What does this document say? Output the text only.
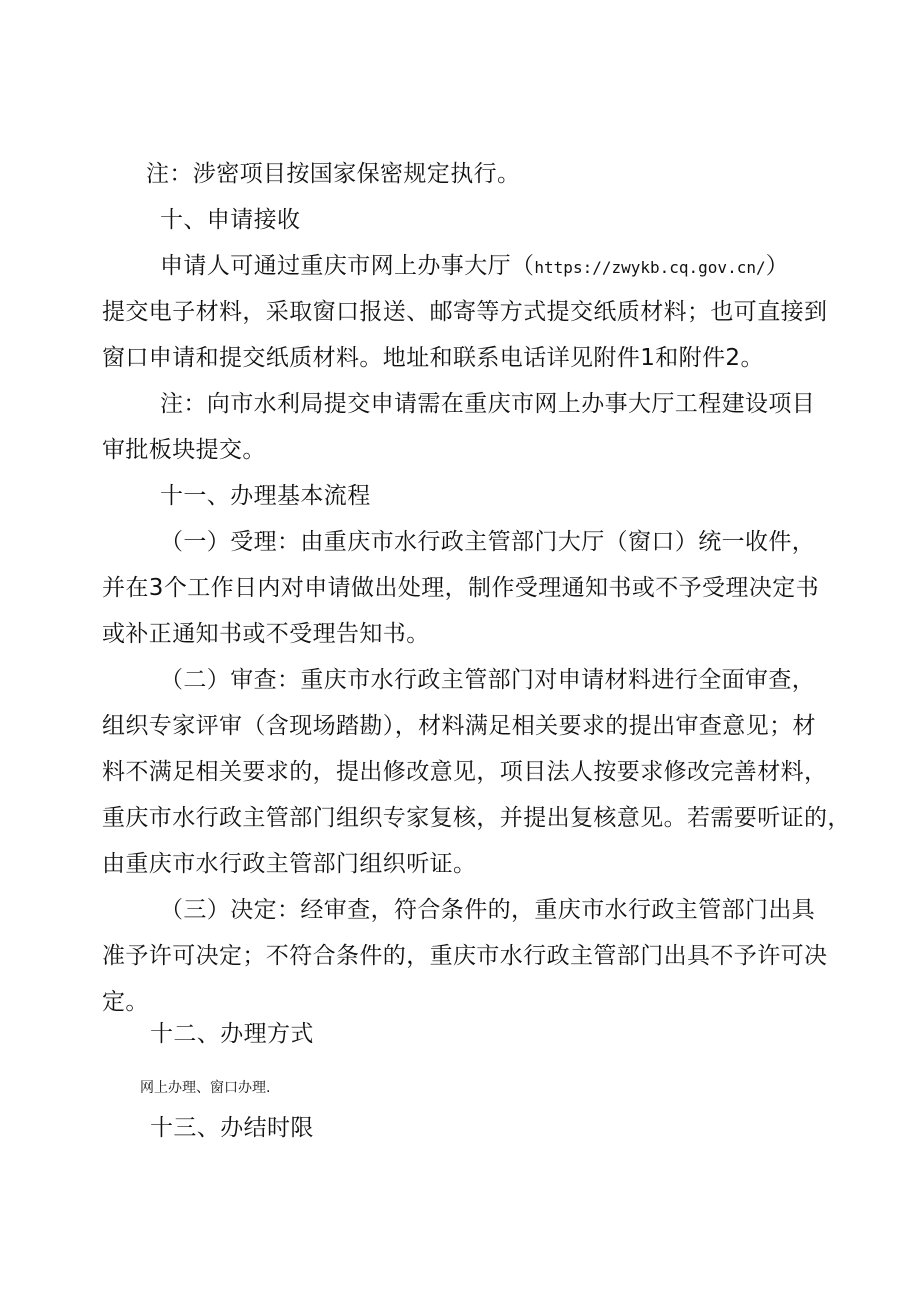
注：涉密项目按国家保密规定执行。

十、申请接收

申请人可通过重庆市网上办事大厅（https://zwykb.cq.gov.cn/）

提交电子材料，采取窗口报送、邮寄等方式提交纸质材料；也可直接到

窗口申请和提交纸质材料。地址和联系电话详见附件1和附件2。

注：向市水利局提交申请需在重庆市网上办事大厅工程建设项目

审批板块提交。

十一、办理基本流程

（一）受理：由重庆市水行政主管部门大厅（窗口）统一收件，

并在3个工作日内对申请做出处理，制作受理通知书或不予受理决定书

或补正通知书或不受理告知书。

（二）审查：重庆市水行政主管部门对申请材料进行全面审查，

组织专家评审（含现场踏勘），材料满足相关要求的提出审查意见；材

料不满足相关要求的，提出修改意见，项目法人按要求修改完善材料，

重庆市水行政主管部门组织专家复核，并提出复核意见。若需要听证的，

由重庆市水行政主管部门组织听证。

（三）决定：经审查，符合条件的，重庆市水行政主管部门出具

准予许可决定；不符合条件的，重庆市水行政主管部门出具不予许可决

定。

十二、办理方式

网上办理、窗口办理.

十三、办结时限
